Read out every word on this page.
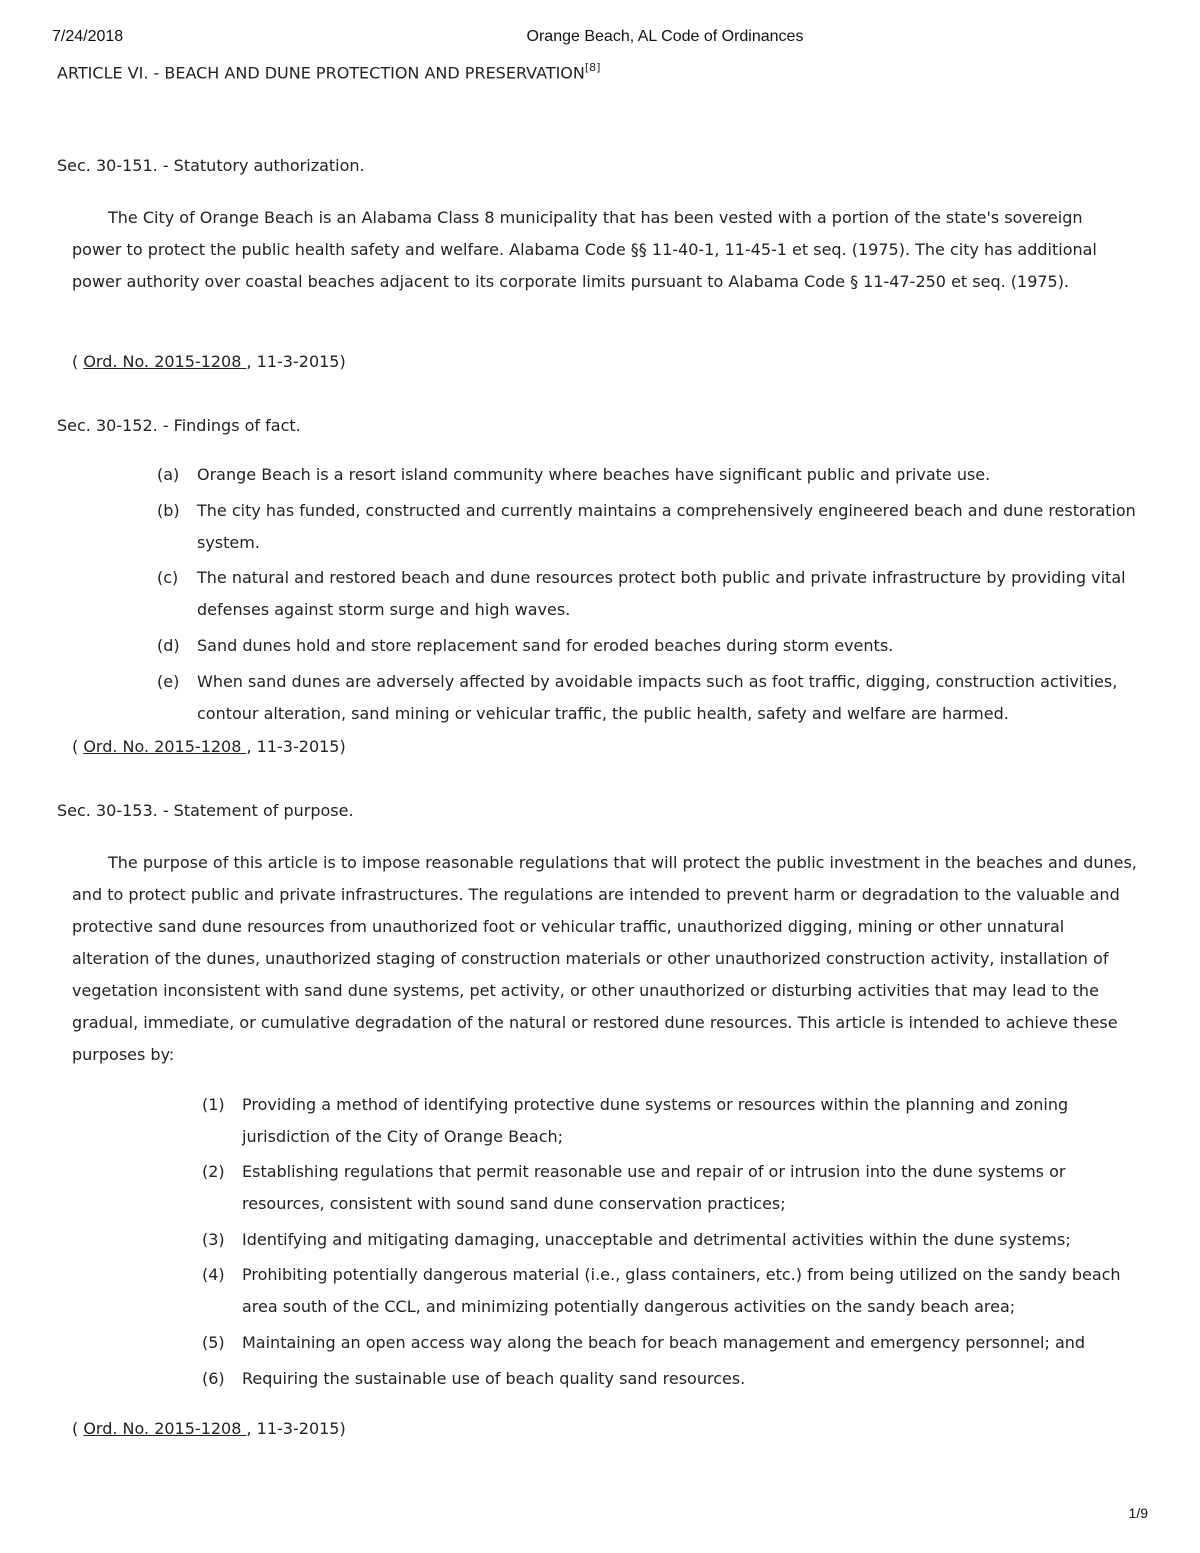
7/24/2018	Orange Beach, AL Code of Ordinances
ARTICLE VI. - BEACH AND DUNE PROTECTION AND PRESERVATION[8]
Sec. 30-151. - Statutory authorization.
The City of Orange Beach is an Alabama Class 8 municipality that has been vested with a portion of the state's sovereign power to protect the public health safety and welfare. Alabama Code §§ 11-40-1, 11-45-1 et seq. (1975). The city has additional power authority over coastal beaches adjacent to its corporate limits pursuant to Alabama Code § 11-47-250 et seq. (1975).
( Ord. No. 2015-1208 , 11-3-2015)
Sec. 30-152. - Findings of fact.
(a)	Orange Beach is a resort island community where beaches have significant public and private use.
(b)	The city has funded, constructed and currently maintains a comprehensively engineered beach and dune restoration system.
(c)	The natural and restored beach and dune resources protect both public and private infrastructure by providing vital defenses against storm surge and high waves.
(d)	Sand dunes hold and store replacement sand for eroded beaches during storm events.
(e)	When sand dunes are adversely affected by avoidable impacts such as foot traffic, digging, construction activities, contour alteration, sand mining or vehicular traffic, the public health, safety and welfare are harmed.
( Ord. No. 2015-1208 , 11-3-2015)
Sec. 30-153. - Statement of purpose.
The purpose of this article is to impose reasonable regulations that will protect the public investment in the beaches and dunes, and to protect public and private infrastructures. The regulations are intended to prevent harm or degradation to the valuable and protective sand dune resources from unauthorized foot or vehicular traffic, unauthorized digging, mining or other unnatural alteration of the dunes, unauthorized staging of construction materials or other unauthorized construction activity, installation of vegetation inconsistent with sand dune systems, pet activity, or other unauthorized or disturbing activities that may lead to the gradual, immediate, or cumulative degradation of the natural or restored dune resources. This article is intended to achieve these purposes by:
(1)	Providing a method of identifying protective dune systems or resources within the planning and zoning jurisdiction of the City of Orange Beach;
(2)	Establishing regulations that permit reasonable use and repair of or intrusion into the dune systems or resources, consistent with sound sand dune conservation practices;
(3)	Identifying and mitigating damaging, unacceptable and detrimental activities within the dune systems;
(4)	Prohibiting potentially dangerous material (i.e., glass containers, etc.) from being utilized on the sandy beach area south of the CCL, and minimizing potentially dangerous activities on the sandy beach area;
(5)	Maintaining an open access way along the beach for beach management and emergency personnel; and
(6)	Requiring the sustainable use of beach quality sand resources.
( Ord. No. 2015-1208 , 11-3-2015)
1/9
